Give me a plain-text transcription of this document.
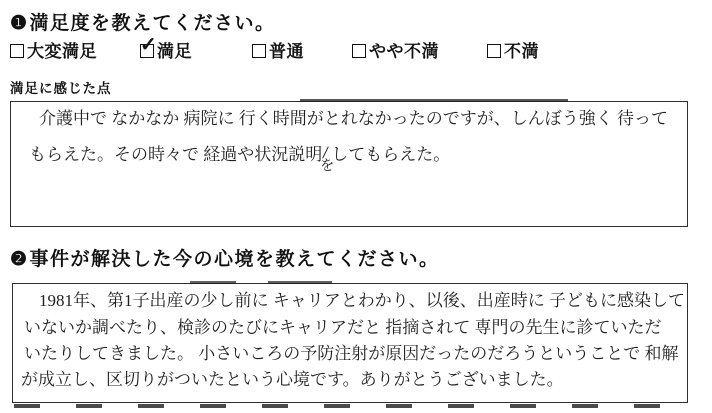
❶満足度を教えてください。
大変満足 ✓ 満足	普通	やや不満	不満
満足に感じた点
介護中で なかなか 病院に 行く時間がとれなかったのですが、しんぼう強く 待って
もらえた。その時々で 経過や状況説明
を
してもらえた。
❷事件が解決した今の心境を教えてください。
1981年、第1子出産の少し前に キャリアとわかり、以後、出産時に 子どもに感染して
いないか調べたり、検診のたびにキャリアだと 指摘されて 専門の先生に診ていただ
いたりしてきました。 小さいころの予防注射が原因だったのだろうということで 和解
が成立し、区切りがついたという心境です。ありがとうございました。
